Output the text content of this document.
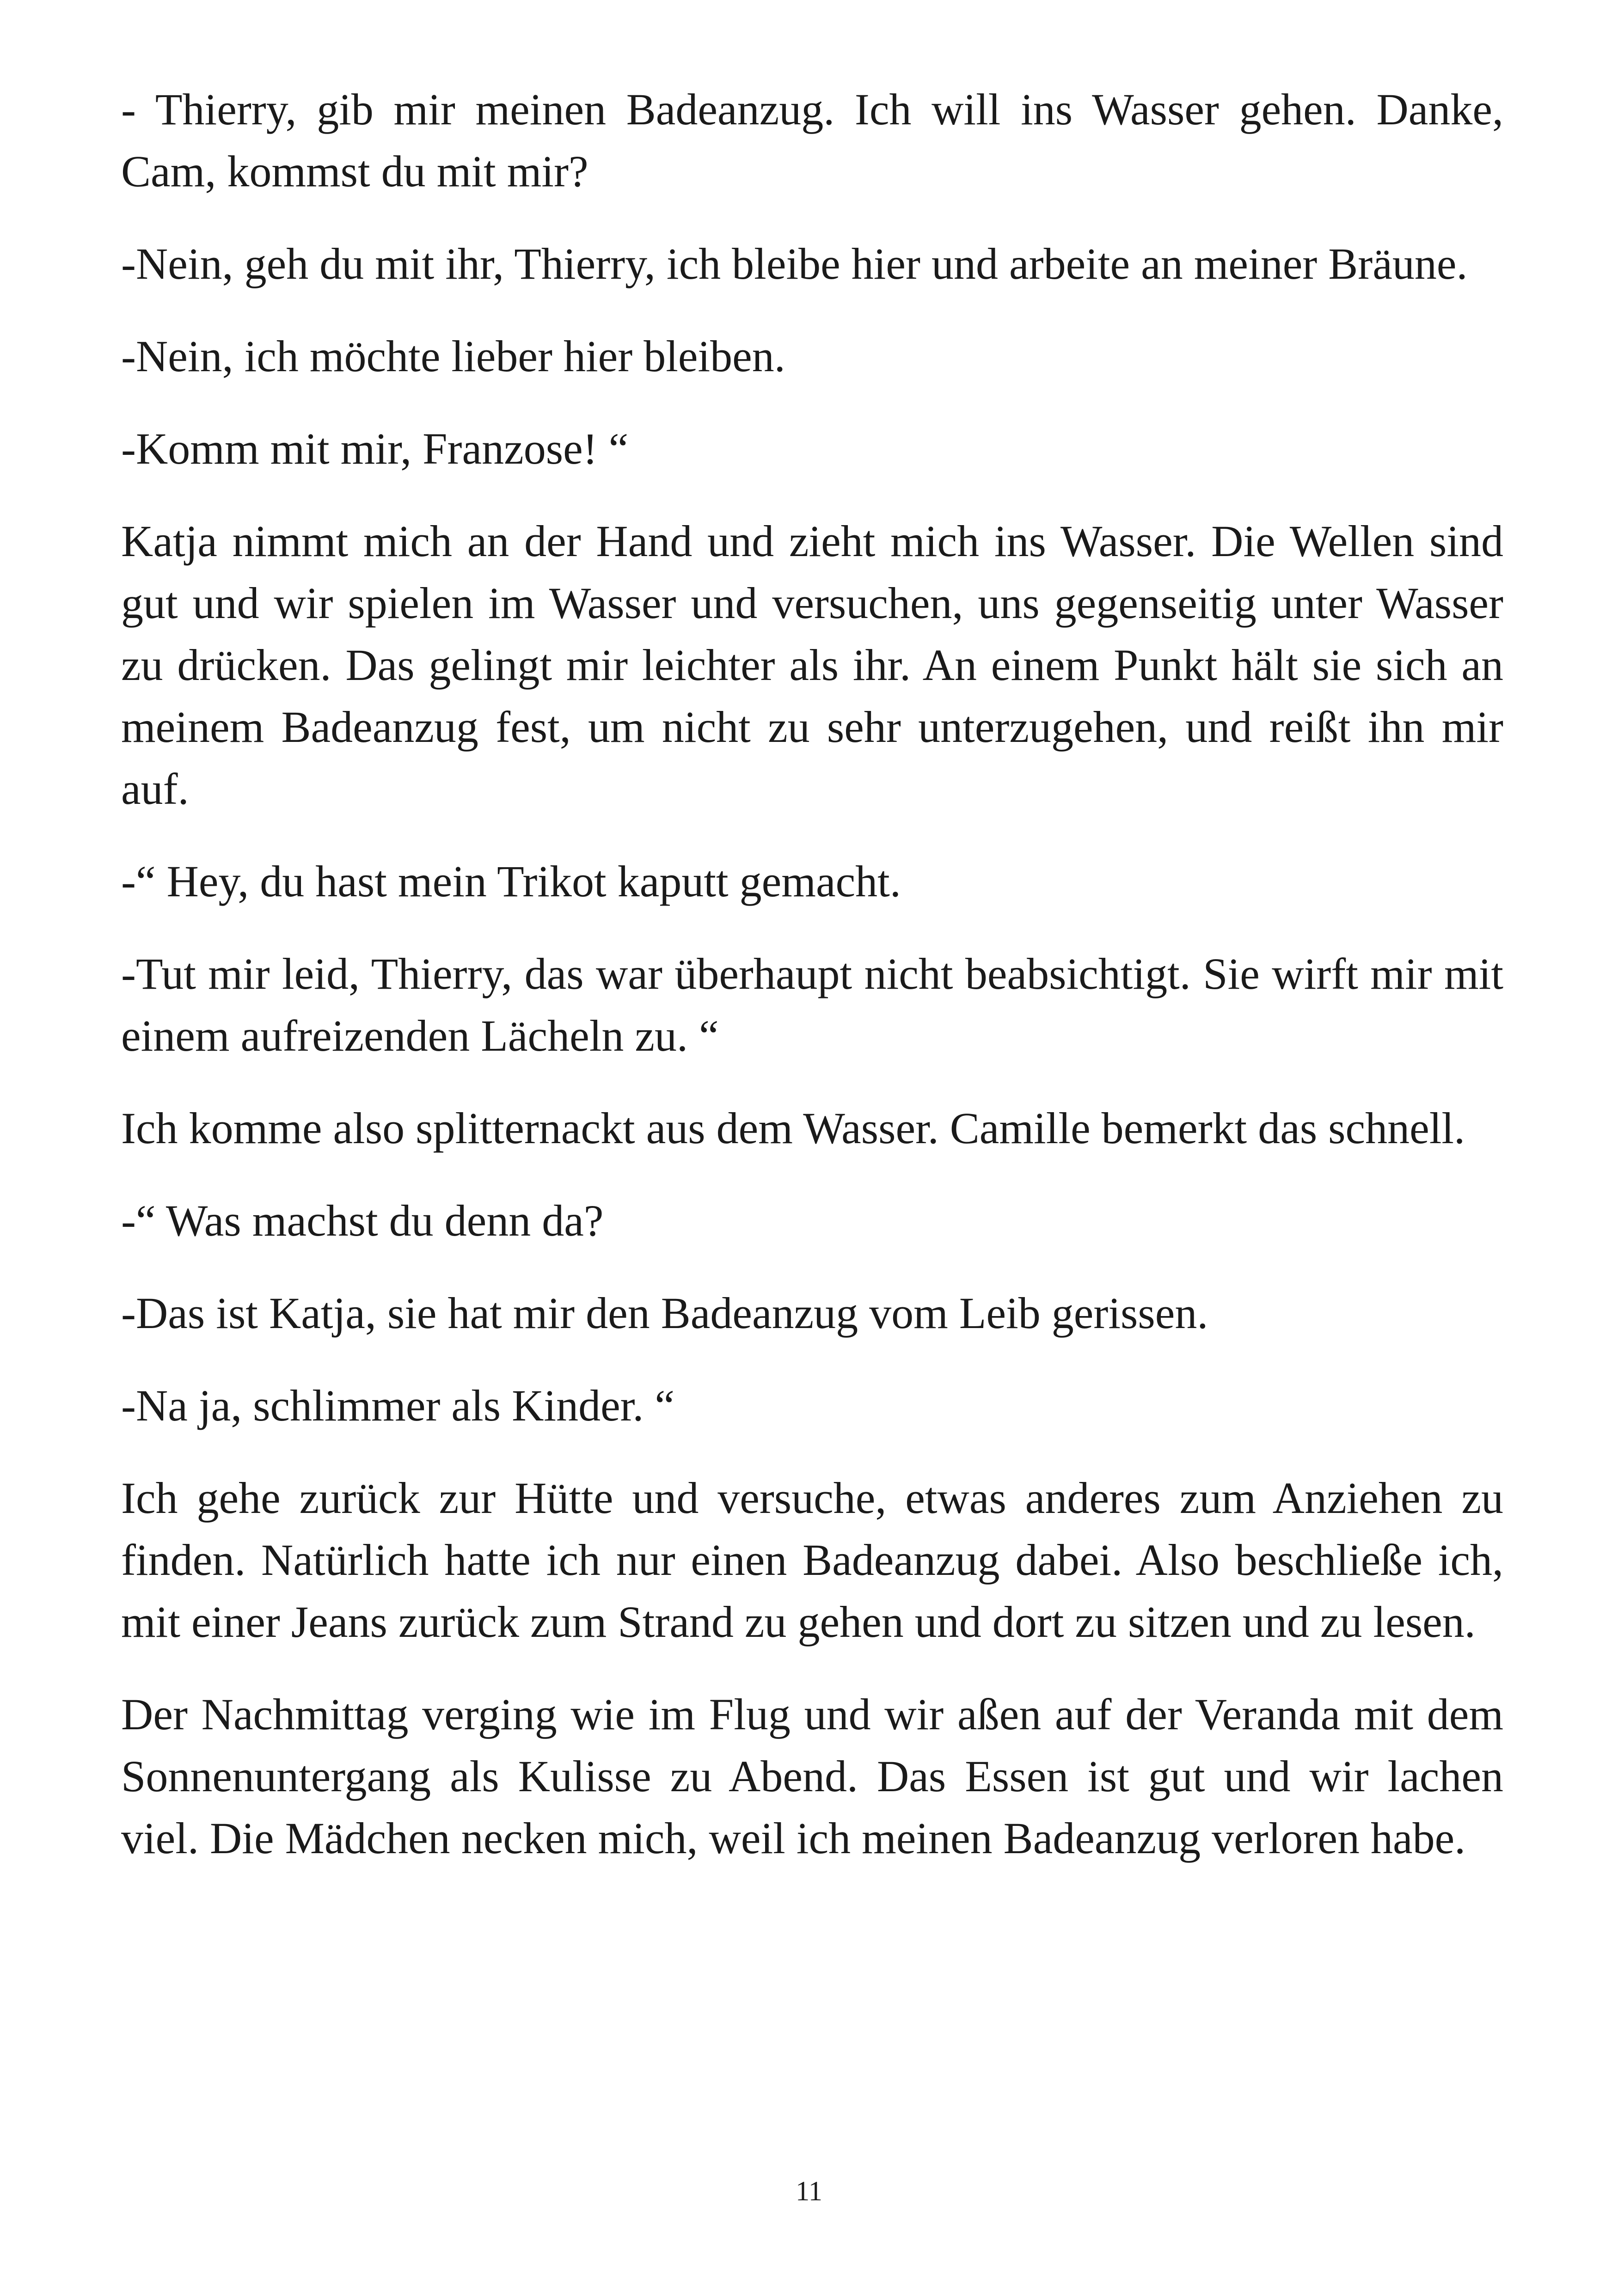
- Thierry, gib mir meinen Badeanzug. Ich will ins Wasser gehen. Danke, Cam, kommst du mit mir?

-Nein, geh du mit ihr, Thierry, ich bleibe hier und arbeite an meiner Bräune.

-Nein, ich möchte lieber hier bleiben.

-Komm mit mir, Franzose! “

Katja nimmt mich an der Hand und zieht mich ins Wasser. Die Wellen sind gut und wir spielen im Wasser und versuchen, uns gegenseitig unter Wasser zu drücken. Das gelingt mir leichter als ihr. An einem Punkt hält sie sich an meinem Badeanzug fest, um nicht zu sehr unterzugehen, und reißt ihn mir auf.

-“ Hey, du hast mein Trikot kaputt gemacht.

-Tut mir leid, Thierry, das war überhaupt nicht beabsichtigt. Sie wirft mir mit einem aufreizenden Lächeln zu. “

Ich komme also splitternackt aus dem Wasser. Camille bemerkt das schnell.

-“ Was machst du denn da?

-Das ist Katja, sie hat mir den Badeanzug vom Leib gerissen.

-Na ja, schlimmer als Kinder. “

Ich gehe zurück zur Hütte und versuche, etwas anderes zum Anziehen zu finden. Natürlich hatte ich nur einen Badeanzug dabei. Also beschließe ich, mit einer Jeans zurück zum Strand zu gehen und dort zu sitzen und zu lesen.

Der Nachmittag verging wie im Flug und wir aßen auf der Veranda mit dem Sonnenuntergang als Kulisse zu Abend. Das Essen ist gut und wir lachen viel. Die Mädchen necken mich, weil ich meinen Badeanzug verloren habe.

11
